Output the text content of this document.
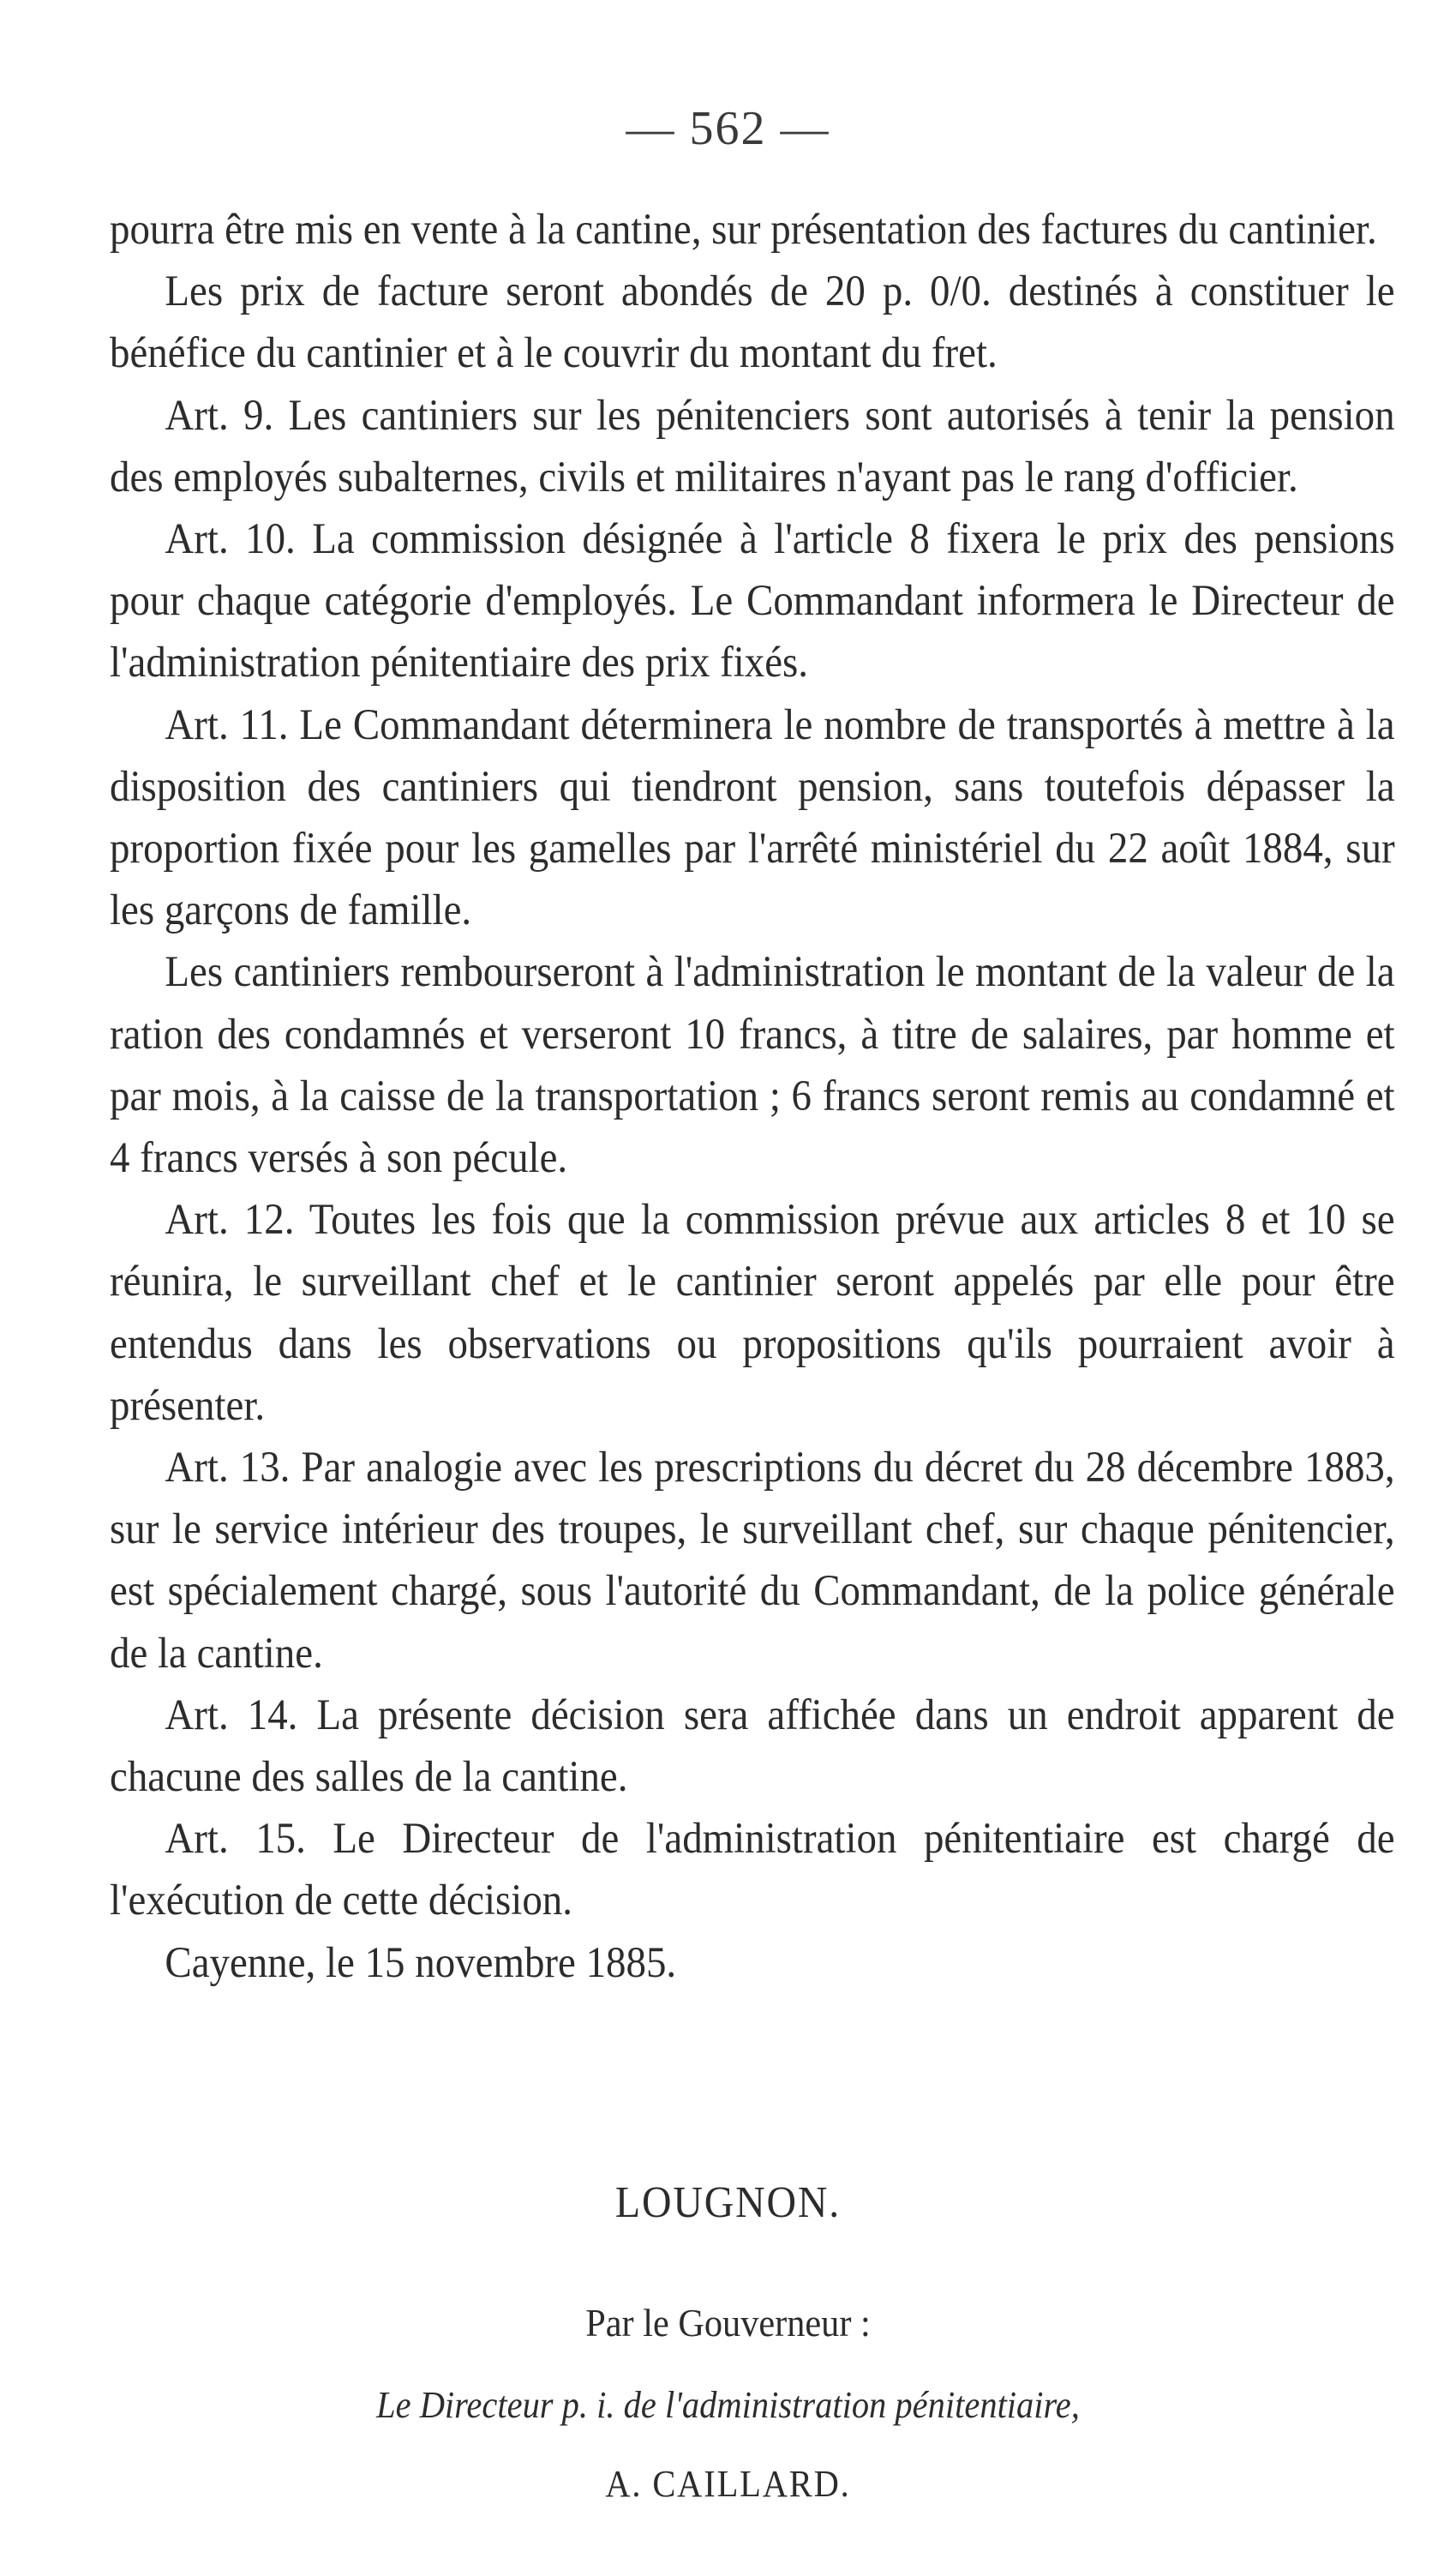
— 562 —

pourra être mis en vente à la cantine, sur présentation des factures du cantinier.

Les prix de facture seront abondés de 20 p. 0/0. destinés à constituer le bénéfice du cantinier et à le couvrir du montant du fret.

Art. 9. Les cantiniers sur les pénitenciers sont autorisés à tenir la pension des employés subalternes, civils et militaires n'ayant pas le rang d'officier.

Art. 10. La commission désignée à l'article 8 fixera le prix des pensions pour chaque catégorie d'employés. Le Commandant informera le Directeur de l'administration pénitentiaire des prix fixés.

Art. 11. Le Commandant déterminera le nombre de transportés à mettre à la disposition des cantiniers qui tiendront pension, sans toutefois dépasser la proportion fixée pour les gamelles par l'arrêté ministériel du 22 août 1884, sur les garçons de famille.

Les cantiniers rembourseront à l'administration le montant de la valeur de la ration des condamnés et verseront 10 francs, à titre de salaires, par homme et par mois, à la caisse de la transportation ; 6 francs seront remis au condamné et 4 francs versés à son pécule.

Art. 12. Toutes les fois que la commission prévue aux articles 8 et 10 se réunira, le surveillant chef et le cantinier seront appelés par elle pour être entendus dans les observations ou propositions qu'ils pourraient avoir à présenter.

Art. 13. Par analogie avec les prescriptions du décret du 28 décembre 1883, sur le service intérieur des troupes, le surveillant chef, sur chaque pénitencier, est spécialement chargé, sous l'autorité du Commandant, de la police générale de la cantine.

Art. 14. La présente décision sera affichée dans un endroit apparent de chacune des salles de la cantine.

Art. 15. Le Directeur de l'administration pénitentiaire est chargé de l'exécution de cette décision.

Cayenne, le 15 novembre 1885.

LOUGNON.
Par le Gouverneur :
Le Directeur p. i. de l'administration pénitentiaire,
A. CAILLARD.
